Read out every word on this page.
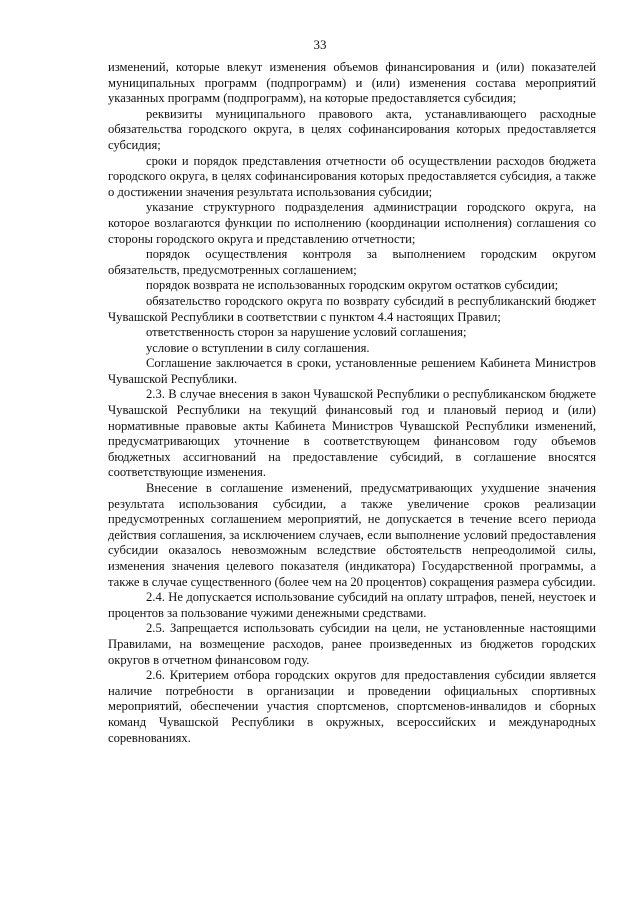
33

изменений, которые влекут изменения объемов финансирования и (или) показателей муниципальных программ (подпрограмм) и (или) изменения состава мероприятий указанных программ (подпрограмм), на которые предоставляется субсидия;

реквизиты муниципального правового акта, устанавливающего расходные обязательства городского округа, в целях софинансирования которых предоставляется субсидия;

сроки и порядок представления отчетности об осуществлении расходов бюджета городского округа, в целях софинансирования которых предоставляется субсидия, а также о достижении значения результата использования субсидии;

указание структурного подразделения администрации городского округа, на которое возлагаются функции по исполнению (координации исполнения) соглашения со стороны городского округа и представлению отчетности;

порядок осуществления контроля за выполнением городским округом обязательств, предусмотренных соглашением;

порядок возврата не использованных городским округом остатков субсидии;

обязательство городского округа по возврату субсидий в республиканский бюджет Чувашской Республики в соответствии с пунктом 4.4 настоящих Правил;

ответственность сторон за нарушение условий соглашения;

условие о вступлении в силу соглашения.

Соглашение заключается в сроки, установленные решением Кабинета Министров Чувашской Республики.

2.3. В случае внесения в закон Чувашской Республики о республиканском бюджете Чувашской Республики на текущий финансовый год и плановый период и (или) нормативные правовые акты Кабинета Министров Чувашской Республики изменений, предусматривающих уточнение в соответствующем финансовом году объемов бюджетных ассигнований на предоставление субсидий, в соглашение вносятся соответствующие изменения.

Внесение в соглашение изменений, предусматривающих ухудшение значения результата использования субсидии, а также увеличение сроков реализации предусмотренных соглашением мероприятий, не допускается в течение всего периода действия соглашения, за исключением случаев, если выполнение условий предоставления субсидии оказалось невозможным вследствие обстоятельств непреодолимой силы, изменения значения целевого показателя (индикатора) Государственной программы, а также в случае существенного (более чем на 20 процентов) сокращения размера субсидии.

2.4. Не допускается использование субсидий на оплату штрафов, пеней, неустоек и процентов за пользование чужими денежными средствами.

2.5. Запрещается использовать субсидии на цели, не установленные настоящими Правилами, на возмещение расходов, ранее произведенных из бюджетов городских округов в отчетном финансовом году.

2.6. Критерием отбора городских округов для предоставления субсидии является наличие потребности в организации и проведении официальных спортивных мероприятий, обеспечении участия спортсменов, спортсменов-инвалидов и сборных команд Чувашской Республики в окружных, всероссийских и международных соревнованиях.
